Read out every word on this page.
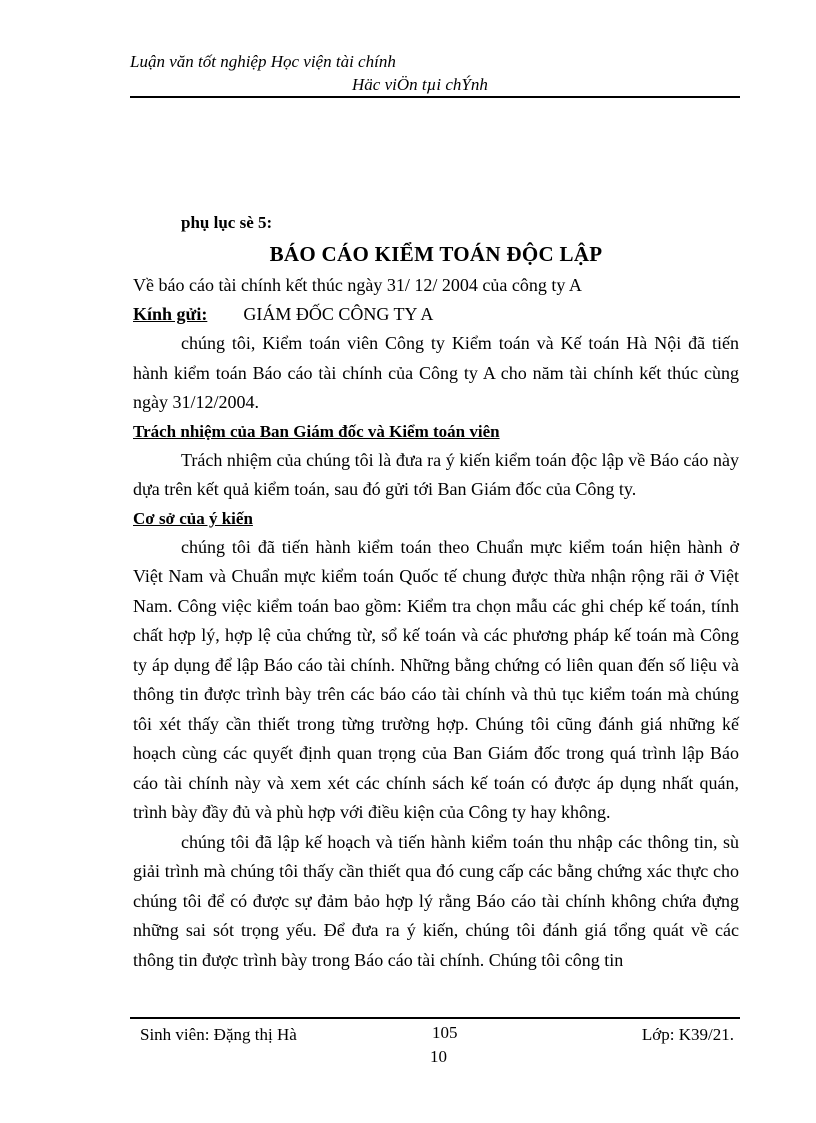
Luận văn tốt nghiệp Học viện tài chính
Häc viÖn tµi chÝnh
phụ lục sè 5:
BÁO CÁO KIỂM TOÁN ĐỘC LẬP
Về báo cáo tài chính kết thúc ngày 31/ 12/ 2004 của công ty A
Kính gửi: GIÁM ĐỐC CÔNG TY A

chúng tôi, Kiểm toán viên Công ty Kiểm toán và Kế toán Hà Nội đã tiến hành kiểm toán Báo cáo tài chính của Công ty A cho năm tài chính kết thúc cùng ngày 31/12/2004.

Trách nhiệm của Ban Giám đốc và Kiểm toán viên

Trách nhiệm của chúng tôi là đưa ra ý kiến kiểm toán độc lập về Báo cáo này dựa trên kết quả kiểm toán, sau đó gửi tới Ban Giám đốc của Công ty.

Cơ sở của ý kiến

chúng tôi đã tiến hành kiểm toán theo Chuẩn mực kiểm toán hiện hành ở Việt Nam và Chuẩn mực kiểm toán Quốc tế chung được thừa nhận rộng rãi ở Việt Nam. Công việc kiểm toán bao gồm: Kiểm tra chọn mẫu các ghi chép kế toán, tính chất hợp lý, hợp lệ của chứng từ, sổ kế toán và các phương pháp kế toán mà Công ty áp dụng để lập Báo cáo tài chính. Những bằng chứng có liên quan đến số liệu và thông tin được trình bày trên các báo cáo tài chính và thủ tục kiểm toán mà chúng tôi xét thấy cần thiết trong từng trường hợp. Chúng tôi cũng đánh giá những kế hoạch cùng các quyết định quan trọng của Ban Giám đốc trong quá trình lập Báo cáo tài chính này và xem xét các chính sách kế toán có được áp dụng nhất quán, trình bày đầy đủ và phù hợp với điều kiện của Công ty hay không.

chúng tôi đã lập kế hoạch và tiến hành kiểm toán thu nhập các thông tin, sù giải trình mà chúng tôi thấy cần thiết qua đó cung cấp các bằng chứng xác thực cho chúng tôi để có được sự đảm bảo hợp lý rằng Báo cáo tài chính không chứa đựng những sai sót trọng yếu. Để đưa ra ý kiến, chúng tôi đánh giá tổng quát về các thông tin được trình bày trong Báo cáo tài chính. Chúng tôi công tin

Sinh viên: Đặng thị Hà	105	Lớp: K39/21.
10
